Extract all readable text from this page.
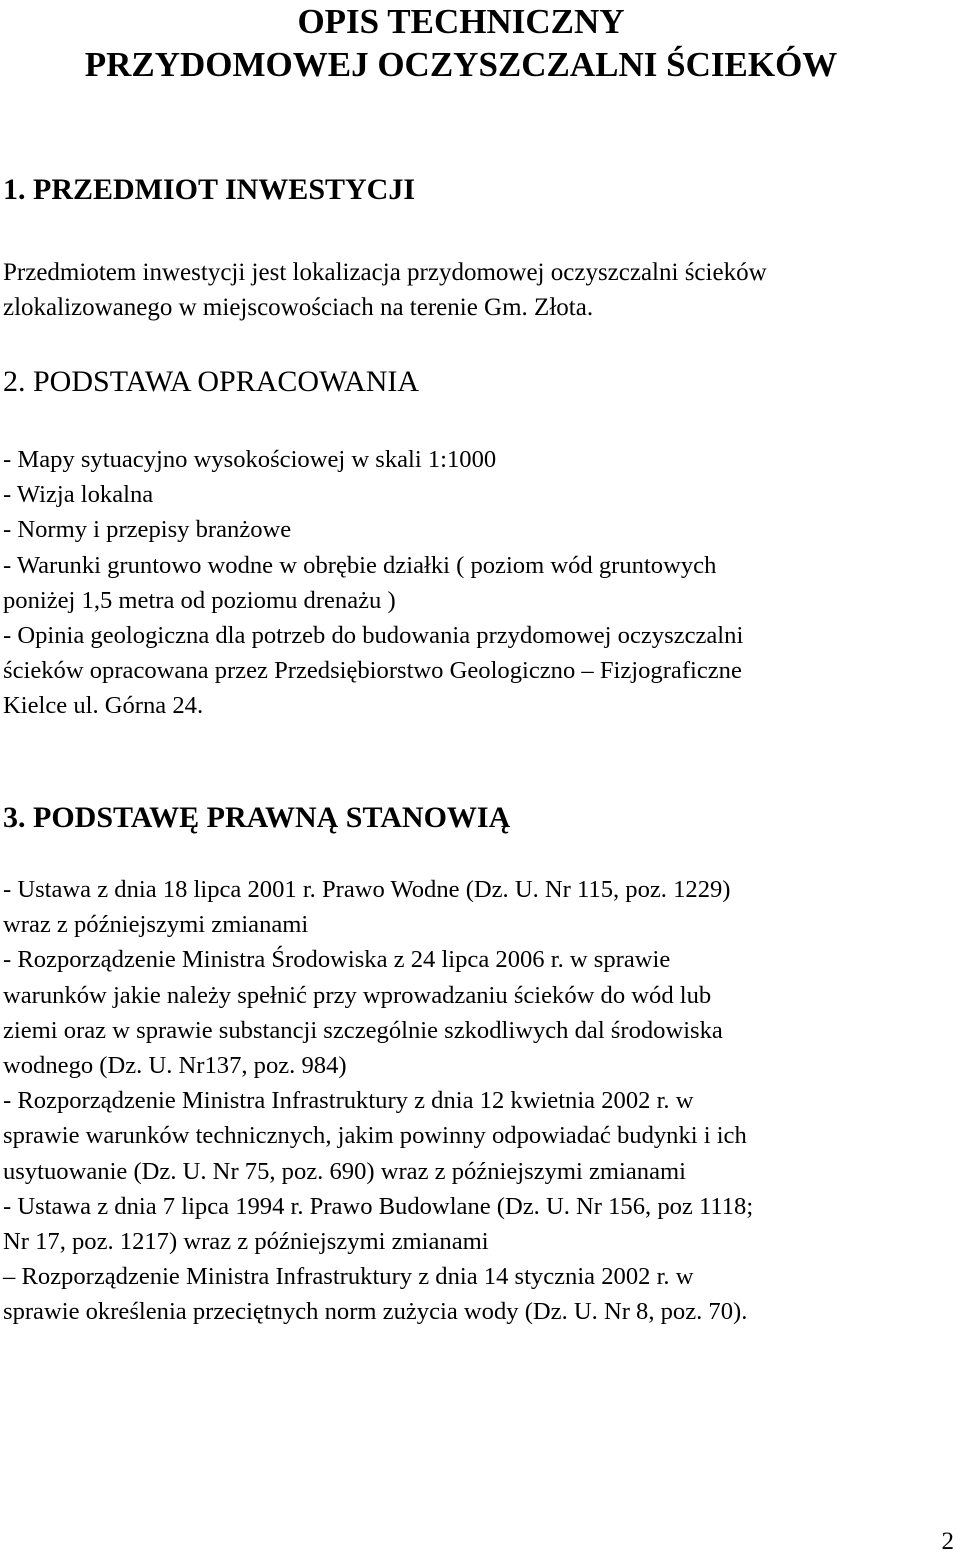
OPIS TECHNICZNY
PRZYDOMOWEJ OCZYSZCZALNI ŚCIEKÓW
1. PRZEDMIOT INWESTYCJI

Przedmiotem inwestycji jest lokalizacja przydomowej oczyszczalni ścieków
zlokalizowanego w miejscowościach na terenie Gm. Złota.

2. PODSTAWA OPRACOWANIA
- Mapy sytuacyjno wysokościowej w skali 1:1000
- Wizja lokalna
- Normy i przepisy branżowe
- Warunki gruntowo wodne w obrębie działki ( poziom wód gruntowych
poniżej 1,5 metra od poziomu drenażu )
- Opinia geologiczna dla potrzeb do budowania przydomowej oczyszczalni
ścieków opracowana przez Przedsiębiorstwo Geologiczno – Fizjograficzne
Kielce ul. Górna 24.
3. PODSTAWĘ PRAWNĄ STANOWIĄ
- Ustawa z dnia 18 lipca 2001 r. Prawo Wodne (Dz. U. Nr 115, poz. 1229)
wraz z późniejszymi zmianami
- Rozporządzenie Ministra Środowiska z 24 lipca 2006 r. w sprawie
warunków jakie należy spełnić przy wprowadzaniu ścieków do wód lub
ziemi oraz w sprawie substancji szczególnie szkodliwych dal środowiska
wodnego (Dz. U. Nr137, poz. 984)
- Rozporządzenie Ministra Infrastruktury z dnia 12 kwietnia 2002 r. w
sprawie warunków technicznych, jakim powinny odpowiadać budynki i ich
usytuowanie (Dz. U. Nr 75, poz. 690) wraz z późniejszymi zmianami
- Ustawa z dnia 7 lipca 1994 r. Prawo Budowlane (Dz. U. Nr 156, poz 1118;
Nr 17, poz. 1217) wraz z późniejszymi zmianami
– Rozporządzenie Ministra Infrastruktury z dnia 14 stycznia 2002 r. w
sprawie określenia przeciętnych norm zużycia wody (Dz. U. Nr 8, poz. 70).
2
